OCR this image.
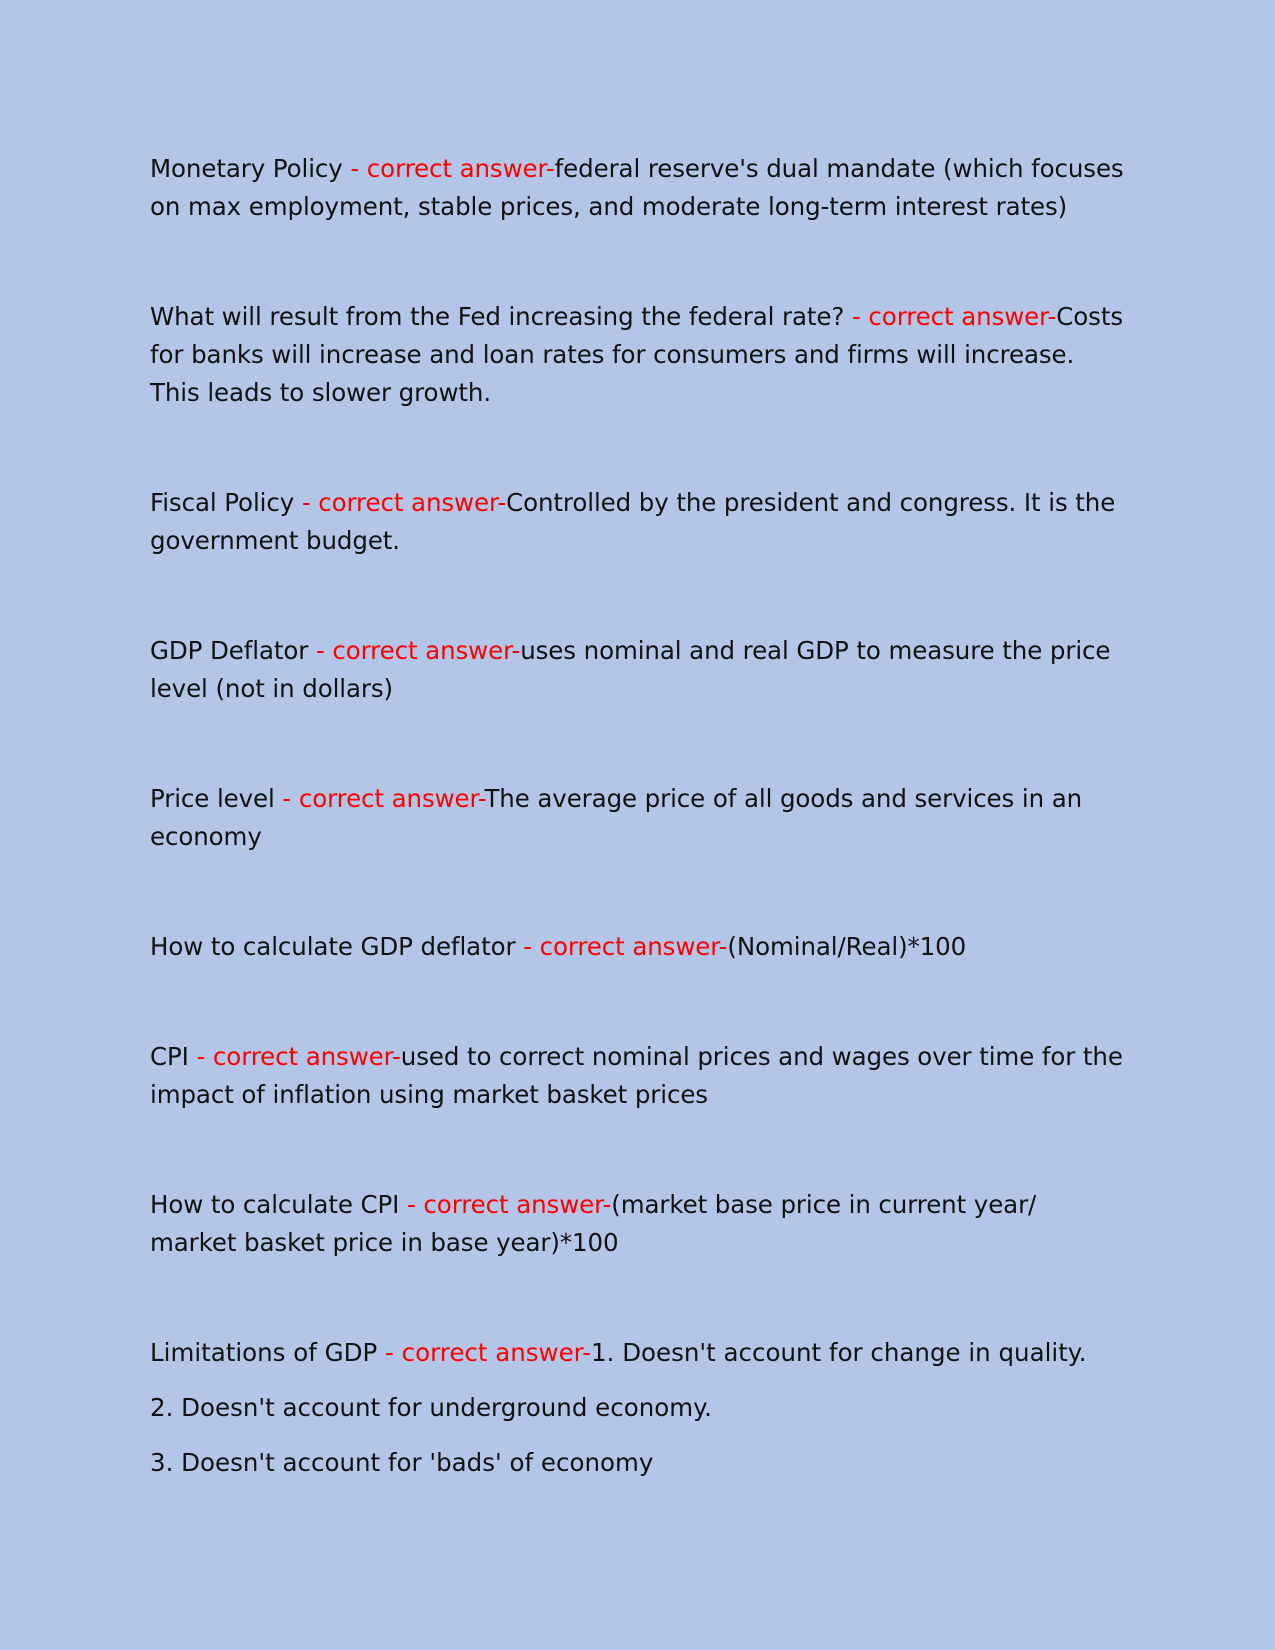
Monetary Policy - correct answer-federal reserve's dual mandate (which focuses on max employment, stable prices, and moderate long-term interest rates)

What will result from the Fed increasing the federal rate? - correct answer-Costs for banks will increase and loan rates for consumers and firms will increase. This leads to slower growth.

Fiscal Policy - correct answer-Controlled by the president and congress. It is the government budget.

GDP Deflator - correct answer-uses nominal and real GDP to measure the price level (not in dollars)

Price level - correct answer-The average price of all goods and services in an economy

How to calculate GDP deflator - correct answer-(Nominal/Real)*100

CPI - correct answer-used to correct nominal prices and wages over time for the impact of inflation using market basket prices

How to calculate CPI - correct answer-(market base price in current year/ market basket price in base year)*100

Limitations of GDP - correct answer-1. Doesn't account for change in quality.

2. Doesn't account for underground economy.

3. Doesn't account for 'bads' of economy
